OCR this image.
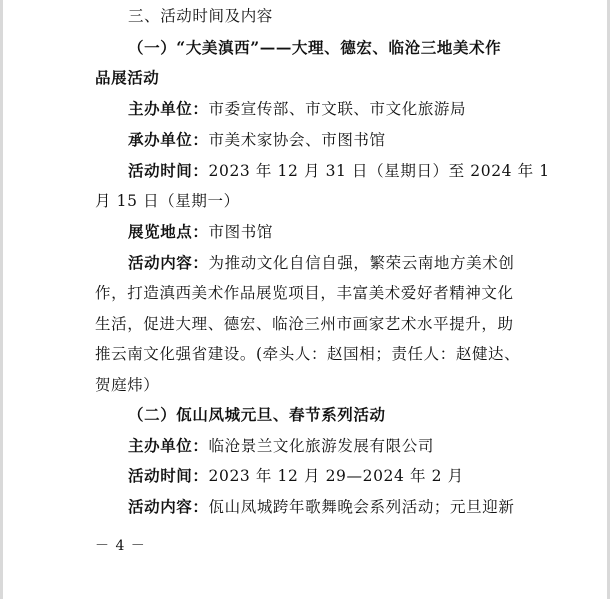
三、活动时间及内容
（一）“大美滇西”——大理、德宏、临沧三地美术作
品展活动
主办单位：市委宣传部、市文联、市文化旅游局
承办单位：市美术家协会、市图书馆
活动时间：2023 年 12 月 31 日（星期日）至 2024 年 1
月 15 日（星期一）
展览地点：市图书馆
活动内容：为推动文化自信自强，繁荣云南地方美术创
作，打造滇西美术作品展览项目，丰富美术爱好者精神文化
生活，促进大理、德宏、临沧三州市画家艺术水平提升，助
推云南文化强省建设。(牵头人：赵国相；责任人：赵健达、
贺庭炜）
（二）佤山凤城元旦、春节系列活动
主办单位：临沧景兰文化旅游发展有限公司
活动时间：2023 年 12 月 29—2024 年 2 月
活动内容：佤山凤城跨年歌舞晚会系列活动；元旦迎新
－ 4 －
